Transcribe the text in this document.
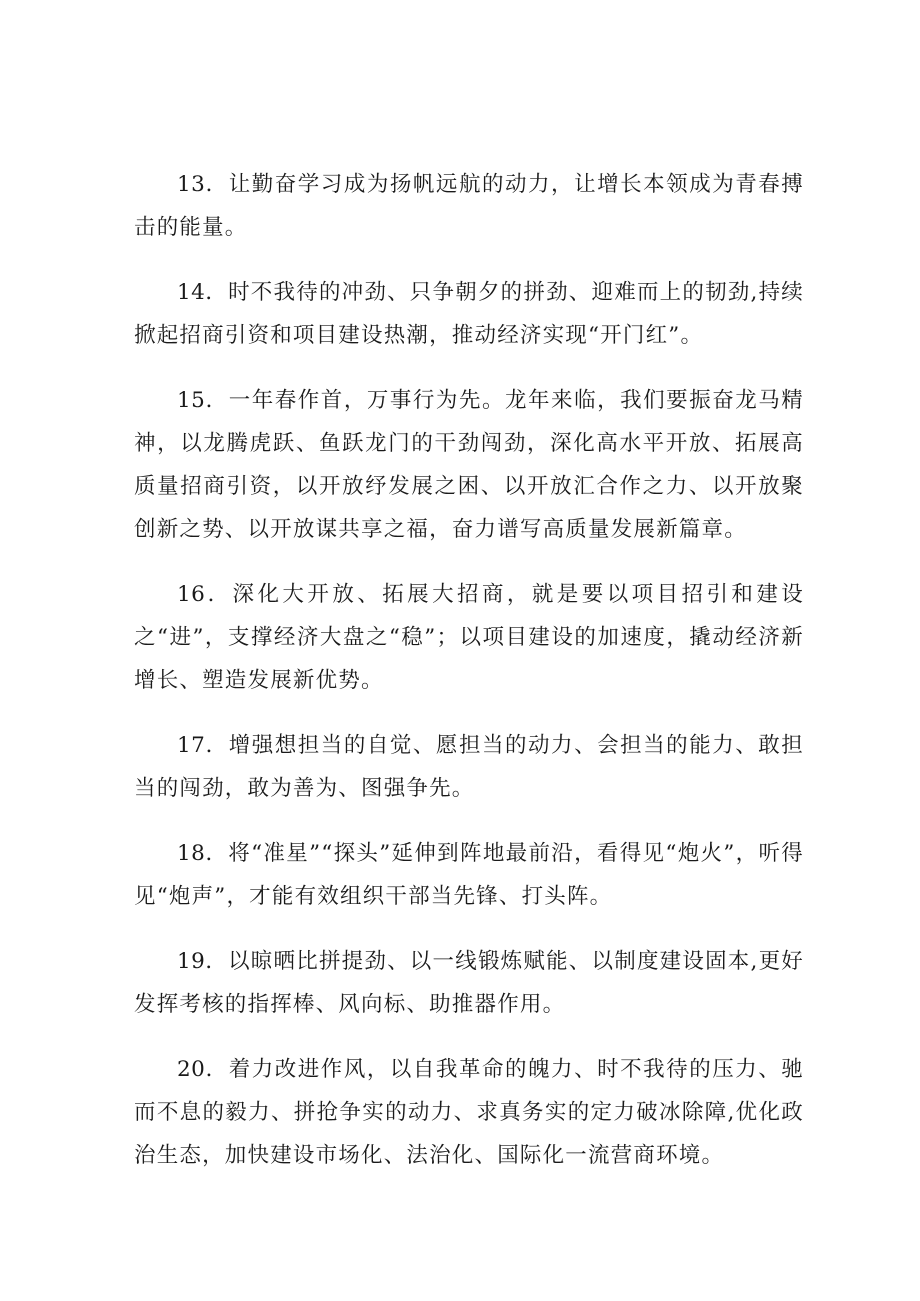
13．让勤奋学习成为扬帆远航的动力，让增长本领成为青春搏击的能量。

14．时不我待的冲劲、只争朝夕的拼劲、迎难而上的韧劲,持续掀起招商引资和项目建设热潮，推动经济实现“开门红”。

15．一年春作首，万事行为先。龙年来临，我们要振奋龙马精神，以龙腾虎跃、鱼跃龙门的干劲闯劲，深化高水平开放、拓展高质量招商引资，以开放纾发展之困、以开放汇合作之力、以开放聚创新之势、以开放谋共享之福，奋力谱写高质量发展新篇章。

16．深化大开放、拓展大招商，就是要以项目招引和建设之“进”，支撑经济大盘之“稳”；以项目建设的加速度，撬动经济新增长、塑造发展新优势。

17．增强想担当的自觉、愿担当的动力、会担当的能力、敢担当的闯劲，敢为善为、图强争先。

18．将“准星”“探头”延伸到阵地最前沿，看得见“炮火”，听得见“炮声”，才能有效组织干部当先锋、打头阵。

19．以晾晒比拼提劲、以一线锻炼赋能、以制度建设固本,更好发挥考核的指挥棒、风向标、助推器作用。

20．着力改进作风，以自我革命的魄力、时不我待的压力、驰而不息的毅力、拼抢争实的动力、求真务实的定力破冰除障,优化政治生态，加快建设市场化、法治化、国际化一流营商环境。
